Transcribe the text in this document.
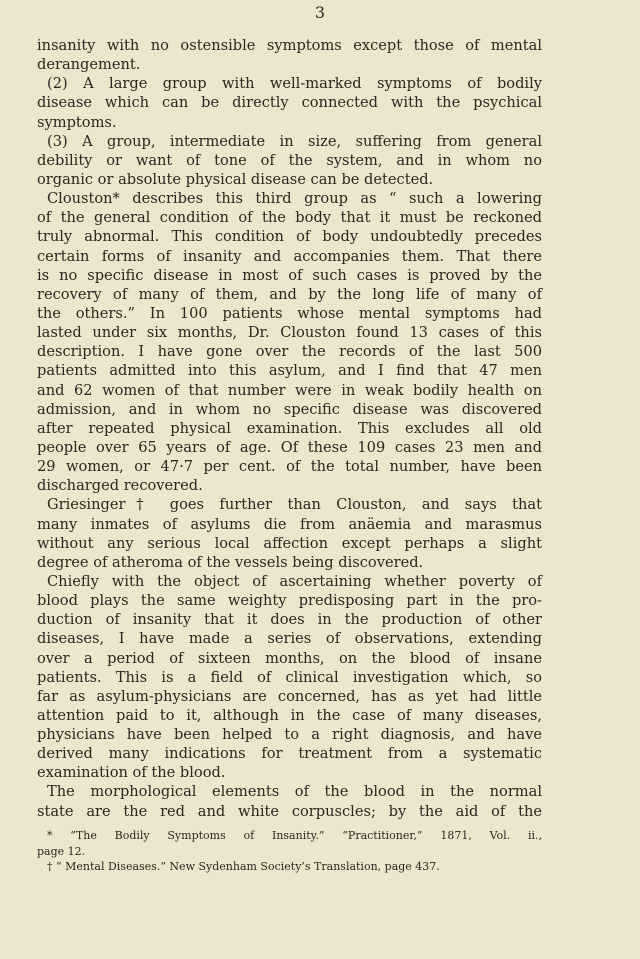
3
insanity with no ostensible symptoms except those of mental
derangement.
(2) A large group with well-marked symptoms of bodily
disease which can be directly connected with the psychical
symptoms.
(3) A group, intermediate in size, suffering from general
debility or want of tone of the system, and in whom no
organic or absolute physical disease can be detected.
Clouston* describes this third group as “ such a lowering
of the general condition of the body that it must be reckoned
truly abnormal. This condition of body undoubtedly precedes
certain forms of insanity and accompanies them. That there
is no specific disease in most of such cases is proved by the
recovery of many of them, and by the long life of many of
the others.” In 100 patients whose mental symptoms had
lasted under six months, Dr. Clouston found 13 cases of this
description. I have gone over the records of the last 500
patients admitted into this asylum, and I find that 47 men
and 62 women of that number were in weak bodily health on
admission, and in whom no specific disease was discovered
after repeated physical examination. This excludes all old
people over 65 years of age. Of these 109 cases 23 men and
29 women, or 47·7 per cent. of the total number, have been
discharged recovered.
Griesinger† goes further than Clouston, and says that
many inmates of asylums die from anäemia and marasmus
without any serious local affection except perhaps a slight
degree of atheroma of the vessels being discovered.
Chiefly with the object of ascertaining whether poverty of
blood plays the same weighty predisposing part in the pro-
duction of insanity that it does in the production of other
diseases, I have made a series of observations, extending
over a period of sixteen months, on the blood of insane
patients. This is a field of clinical investigation which, so
far as asylum-physicians are concerned, has as yet had little
attention paid to it, although in the case of many diseases,
physicians have been helped to a right diagnosis, and have
derived many indications for treatment from a systematic
examination of the blood.
The morphological elements of the blood in the normal
state are the red and white corpuscles; by the aid of the
* “The Bodily Symptoms of Insanity.” “Practitioner,” 1871, Vol. ii.,
page 12.
† “ Mental Diseases.” New Sydenham Society’s Translation, page 437.
